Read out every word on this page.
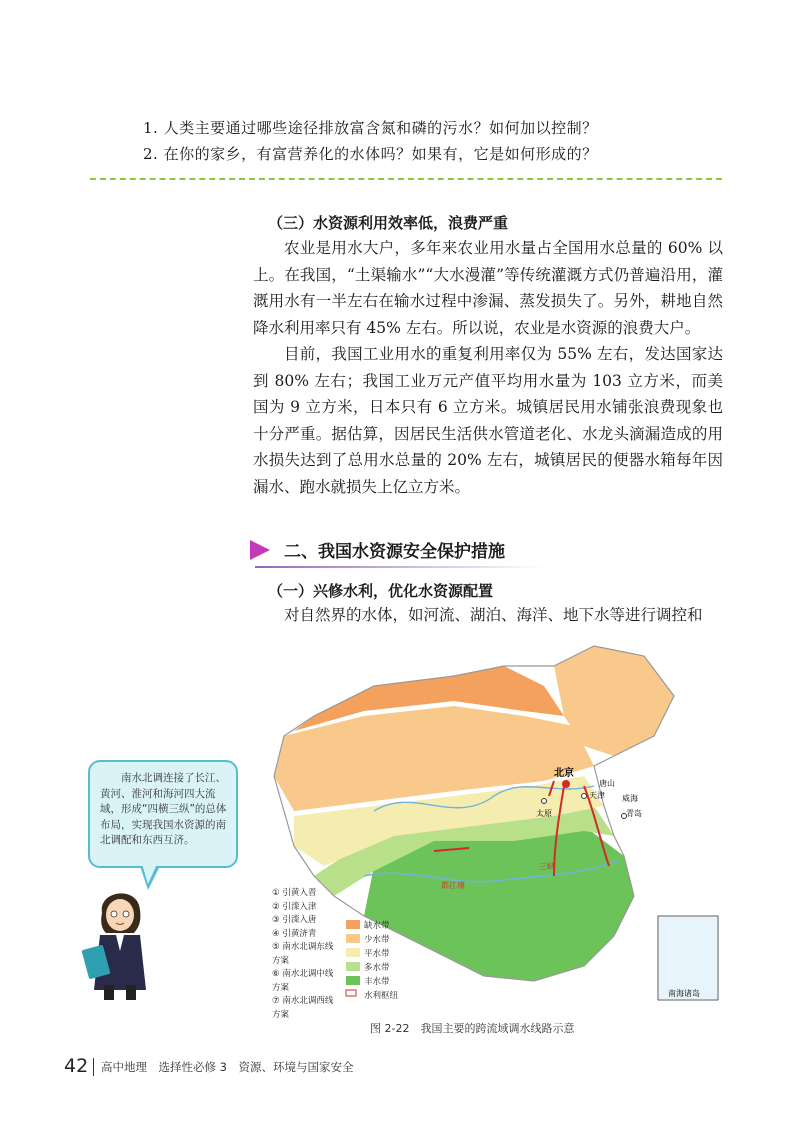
1. 人类主要通过哪些途径排放富含氮和磷的污水？如何加以控制？
2. 在你的家乡，有富营养化的水体吗？如果有，它是如何形成的？
（三）水资源利用效率低，浪费严重

农业是用水大户，多年来农业用水量占全国用水总量的 60% 以上。在我国，“土渠输水”“大水漫灌”等传统灌溉方式仍普遍沿用，灌溉用水有一半左右在输水过程中渗漏、蒸发损失了。另外，耕地自然降水利用率只有 45% 左右。所以说，农业是水资源的浪费大户。

目前，我国工业用水的重复利用率仅为 55% 左右，发达国家达到 80% 左右；我国工业万元产值平均用水量为 103 立方米，而美国为 9 立方米，日本只有 6 立方米。城镇居民用水铺张浪费现象也十分严重。据估算，因居民生活供水管道老化、水龙头滴漏造成的用水损失达到了总用水总量的 20% 左右，城镇居民的便器水箱每年因漏水、跑水就损失上亿立方米。

二、我国水资源安全保护措施
（一）兴修水利，优化水资源配置

对自然界的水体，如河流、湖泊、海洋、地下水等进行调控和

南海诸岛
北京
天津
唐山
威海
青岛
太原
三峡
都江堰
① 引黄入晋
② 引滦入津
③ 引滦入唐
④ 引黄济青
⑤ 南水北调东线方案
⑥ 南水北调中线方案
⑦ 南水北调西线方案
缺水带
少水带
平水带
多水带
丰水带
水利枢纽
南水北调连接了长江、黄河、淮河和海河四大流域，形成“四横三纵”的总体布局，实现我国水资源的南北调配和东西互济。
图 2-22　我国主要的跨流域调水线路示意
42 高中地理　选择性必修 3　资源、环境与国家安全
